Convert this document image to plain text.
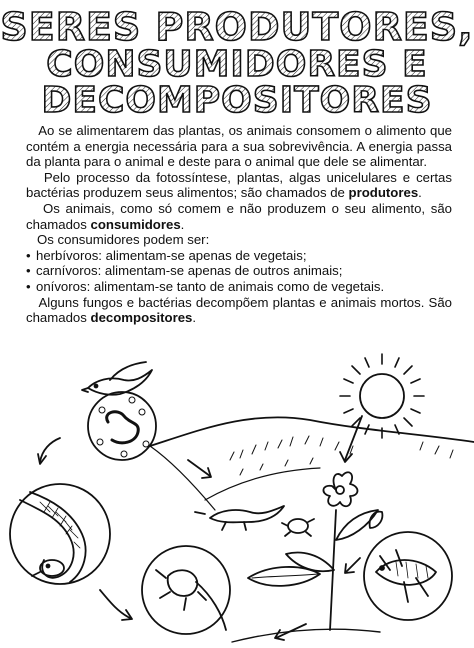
SERES PRODUTORES,
CONSUMIDORES E
DECOMPOSITORES

Ao se alimentarem das plantas, os animais consomem o alimento que contém a energia necessária para a sua sobrevivência. A energia passa da planta para o animal e deste para o animal que dele se alimentar.

Pelo processo da fotossíntese, plantas, algas unicelulares e certas bactérias produzem seus alimentos; são chamados de produtores.

Os animais, como só comem e não produzem o seu alimento, são chamados consumidores.

Os consumidores podem ser:

• herbívoros: alimentam-se apenas de vegetais;

• carnívoros: alimentam-se apenas de outros animais;

• onívoros: alimentam-se tanto de animais como de vegetais.

Alguns fungos e bactérias decompõem plantas e animais mortos. São chamados decompositores.
